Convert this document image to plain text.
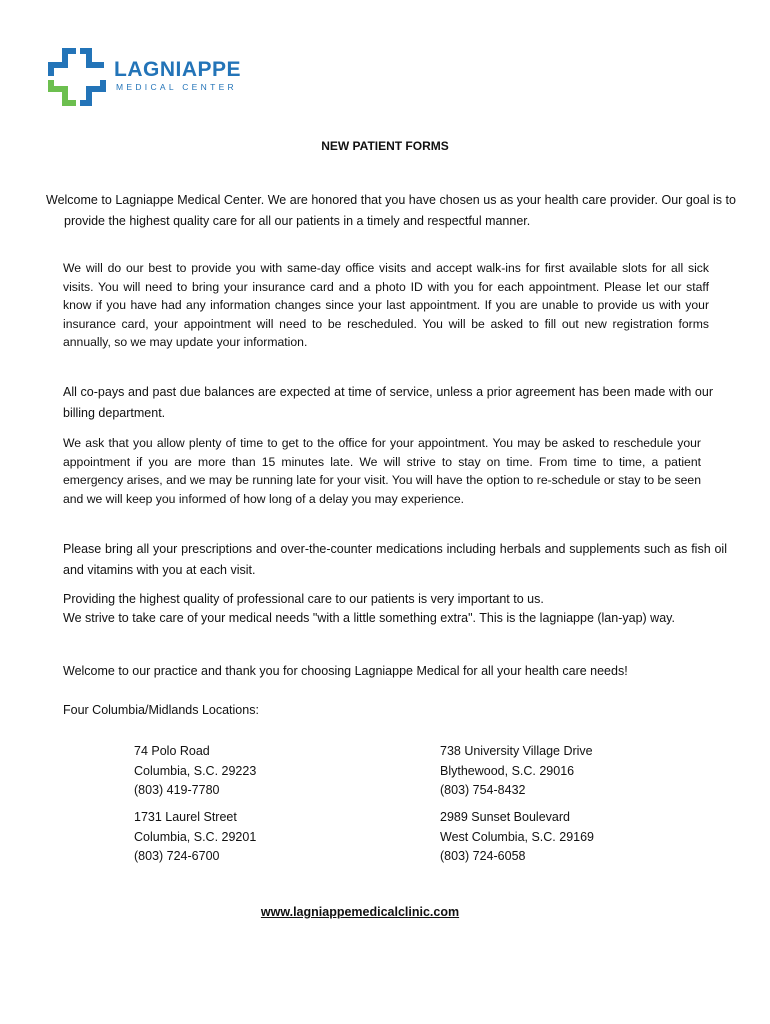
LAGNIAPPE
MEDICAL CENTER
NEW PATIENT FORMS
Welcome to Lagniappe Medical Center. We are honored that you have chosen us as your health care provider. Our goal is to provide the highest quality care for all our patients in a timely and respectful manner.
We will do our best to provide you with same-day office visits and accept walk-ins for first available slots for all sick visits. You will need to bring your insurance card and a photo ID with you for each appointment. Please let our staff know if you have had any information changes since your last appointment. If you are unable to provide us with your insurance card, your appointment will need to be rescheduled. You will be asked to fill out new registration forms annually, so we may update your information.
All co-pays and past due balances are expected at time of service, unless a prior agreement has been made with our billing department.
We ask that you allow plenty of time to get to the office for your appointment. You may be asked to reschedule your appointment if you are more than 15 minutes late. We will strive to stay on time. From time to time, a patient emergency arises, and we may be running late for your visit. You will have the option to re-schedule or stay to be seen and we will keep you informed of how long of a delay you may experience.
Please bring all your prescriptions and over-the-counter medications including herbals and supplements such as fish oil and vitamins with you at each visit.
Providing the highest quality of professional care to our patients is very important to us.
We strive to take care of your medical needs "with a little something extra". This is the lagniappe (lan-yap) way.
Welcome to our practice and thank you for choosing Lagniappe Medical for all your health care needs!
Four Columbia/Midlands Locations:
74 Polo Road
Columbia, S.C. 29223
(803) 419-7780
738 University Village Drive
Blythewood, S.C. 29016
(803) 754-8432
1731 Laurel Street
Columbia, S.C. 29201
(803) 724-6700
2989 Sunset Boulevard
West Columbia, S.C. 29169
(803) 724-6058
www.lagniappemedicalclinic.com
